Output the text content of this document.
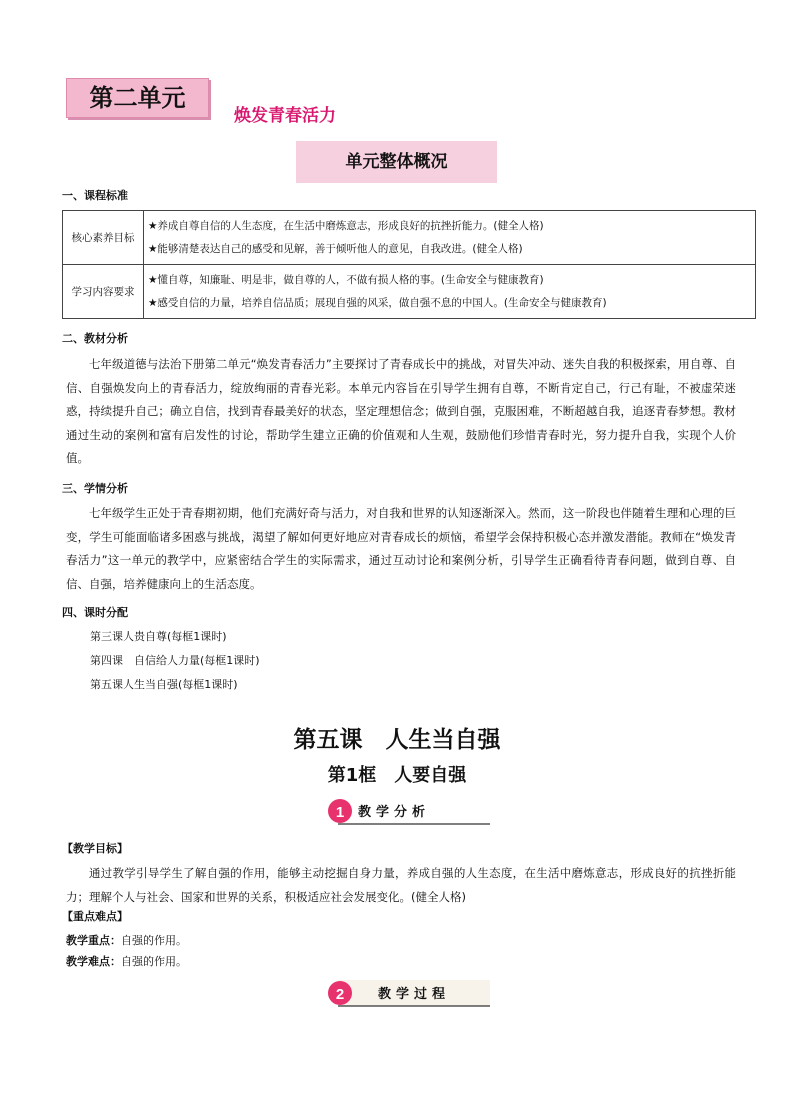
第二单元
焕发青春活力
单元整体概况
一、课程标准
核心素养目标	★养成自尊自信的人生态度，在生活中磨炼意志，形成良好的抗挫折能力。(健全人格)
★能够清楚表达自己的感受和见解，善于倾听他人的意见，自我改进。(健全人格)

学习内容要求	★懂自尊，知廉耻、明是非，做自尊的人，不做有损人格的事。(生命安全与健康教育)
★感受自信的力量，培养自信品质；展现自强的风采，做自强不息的中国人。(生命安全与健康教育)
二、教材分析
七年级道德与法治下册第二单元“焕发青春活力”主要探讨了青春成长中的挑战，对冒失冲动、迷失自我的积极探索，用自尊、自信、自强焕发向上的青春活力，绽放绚丽的青春光彩。本单元内容旨在引导学生拥有自尊，不断肯定自己，行己有耻，不被虚荣迷惑，持续提升自己；确立自信，找到青春最美好的状态，坚定理想信念；做到自强，克服困难，不断超越自我，追逐青春梦想。教材通过生动的案例和富有启发性的讨论，帮助学生建立正确的价值观和人生观，鼓励他们珍惜青春时光，努力提升自我，实现个人价值。
三、学情分析
七年级学生正处于青春期初期，他们充满好奇与活力，对自我和世界的认知逐渐深入。然而，这一阶段也伴随着生理和心理的巨变，学生可能面临诸多困惑与挑战，渴望了解如何更好地应对青春成长的烦恼，希望学会保持积极心态并激发潜能。教师在“焕发青春活力”这一单元的教学中，应紧密结合学生的实际需求，通过互动讨论和案例分析，引导学生正确看待青春问题，做到自尊、自信、自强，培养健康向上的生活态度。
四、课时分配
第三课人贵自尊(每框1课时)
第四课　自信给人力量(每框1课时)
第五课人生当自强(每框1课时)
第五课　人生当自强
第1框　人要自强
1 教学分析
【教学目标】
通过教学引导学生了解自强的作用，能够主动挖掘自身力量，养成自强的人生态度，在生活中磨炼意志，形成良好的抗挫折能力；理解个人与社会、国家和世界的关系，积极适应社会发展变化。(健全人格)
【重点难点】
教学重点：自强的作用。
教学难点：自强的作用。
2	教学过程
